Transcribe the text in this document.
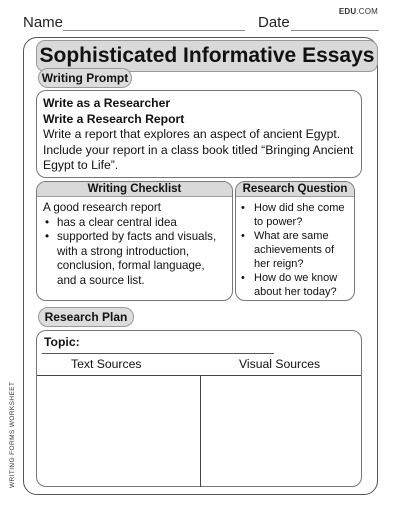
Name	Date
EDU.COM
WRITING FORMS WORKSHEET
Sophisticated Informative Essays
Writing Prompt
Write as a Researcher
Write a Research Report
Write a report that explores an aspect of ancient Egypt.
Include your report in a class book titled “Bringing Ancient
Egypt to Life”.
Writing Checklist
A good research report
• has a clear central idea
• supported by facts and visuals, with a strong introduction, conclusion, formal language, and a source list.
Research Question
• How did she come to power?
• What are same achievements of her reign?
• How do we know about her today?
Research Plan
Topic:
Text Sources	Visual Sources
